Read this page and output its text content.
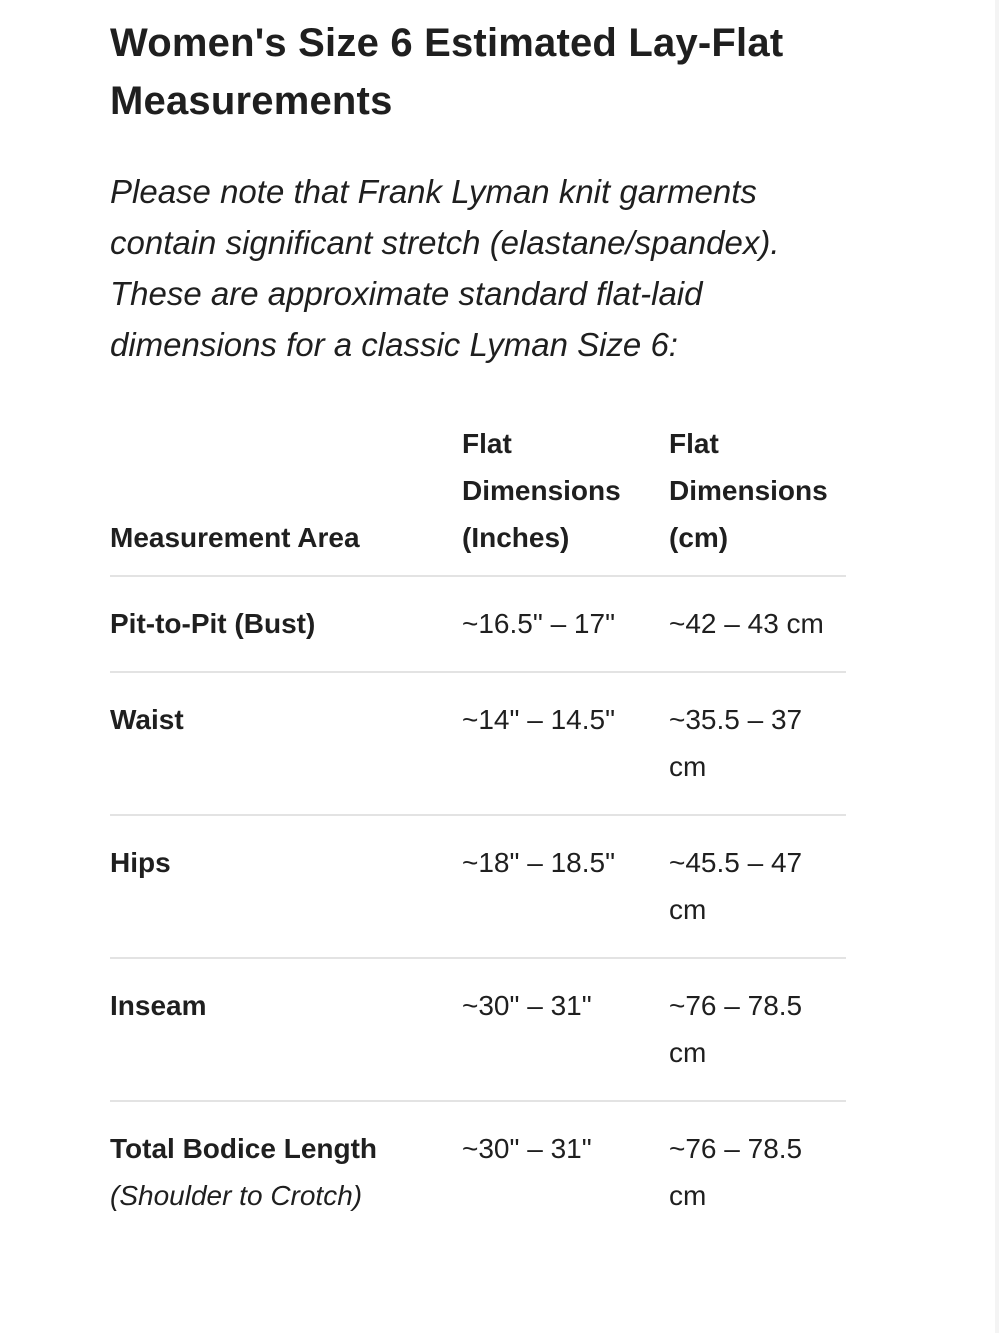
Women's Size 6 Estimated Lay-Flat Measurements

Please note that Frank Lyman knit garments contain significant stretch (elastane/spandex). These are approximate standard flat-laid dimensions for a classic Lyman Size 6:

Measurement Area	Flat Dimensions (Inches)	Flat Dimensions (cm)
Pit-to-Pit (Bust)	~16.5" – 17"	~42 – 43 cm
Waist	~14" – 14.5"	~35.5 – 37 cm
Hips	~18" – 18.5"	~45.5 – 47 cm
Inseam	~30" – 31"	~76 – 78.5 cm
Total Bodice Length (Shoulder to Crotch)	~30" – 31"	~76 – 78.5 cm
